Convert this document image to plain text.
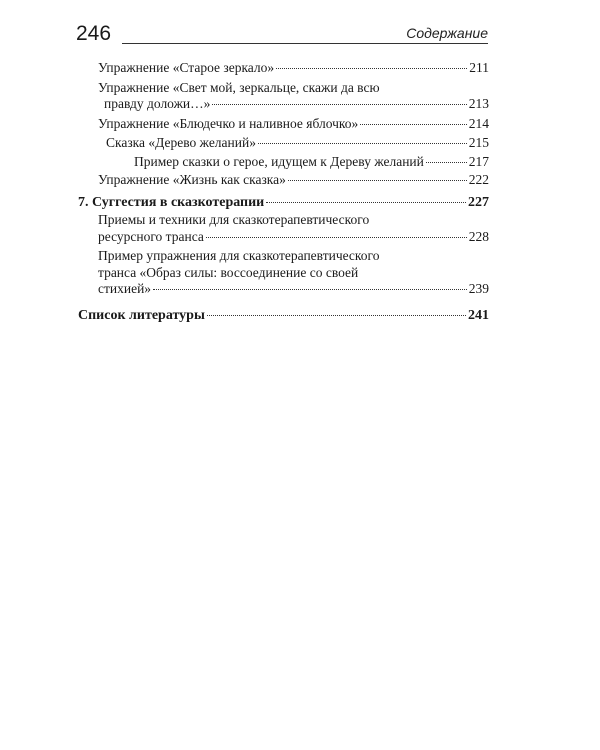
246	Содержание
Упражнение «Старое зеркало»	211
Упражнение «Свет мой, зеркальце, скажи да всю
правду доложи…»	213
Упражнение «Блюдечко и наливное яблочко»	214
Сказка «Дерево желаний»	215
Пример сказки о герое, идущем к Дереву желаний	217
Упражнение «Жизнь как сказка»	222
7. Суггестия в сказкотерапии	227
Приемы и техники для сказкотерапевтического
ресурсного транса	228
Пример упражнения для сказкотерапевтического
транса «Образ силы: воссоединение со своей
стихией»	239
Список литературы	241
